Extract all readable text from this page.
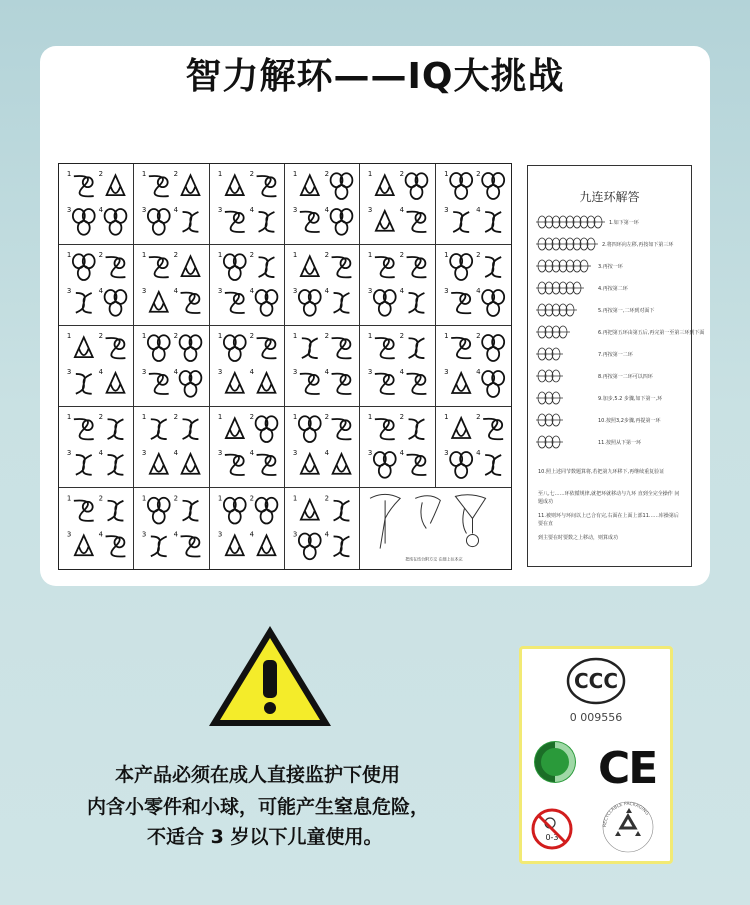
智力解环——IQ大挑战
1	2
3	4
1	2
3	4
1	2
3	4
1	2
3	4
1	2
3	4
1	2
3	4
1	2
3	4
1	2
3	4
1	2
3	4
1	2
3	4
1	2
3	4
1	2
3	4
1	2
3	4
1	2
3	4
1	2
3	4
1	2
3	4
1	2
3	4
1	2
3	4
1	2
3	4
1	2
3	4
1	2
3	4
1	2
3	4
1	2
3	4
1	2
3	4
1	2
3	4
1	2
3	4
1	2
3	4
1	2
3	4
把纯在结台附方交 在细上往本完
九连环解答
1.如下第一环
2.将四环向左移,再按如下第三环
3.再按一环
4.再按第二环
5.再按第一,二环到对面下
6.再把第五环由第五后,再完第一至第三环到下面
7.再按第一二环
8.再按第一二环可以四环
9.加步,5.2 步骤,如下第一,环
10.按照3,2步骤,再提第一环
11.按照从下第一环
10.照上述同节数题算将,若把第九环移下,再继续重复验证
至八,七……环依循规律,就把环就移动与九环 直到全完全操作 问题成功
11.被则环与环间以上已合有完,右面在上面上部11……库操第后要在直
到主要在时要数之上移动，则算成功
本产品必须在成人直接监护下使用
内含小零件和小球，可能产生窒息危险，
不适合 3 岁以下儿童使用。
CCC
0 009556
CE
0-3
RECYCLABLE PACKAGING
